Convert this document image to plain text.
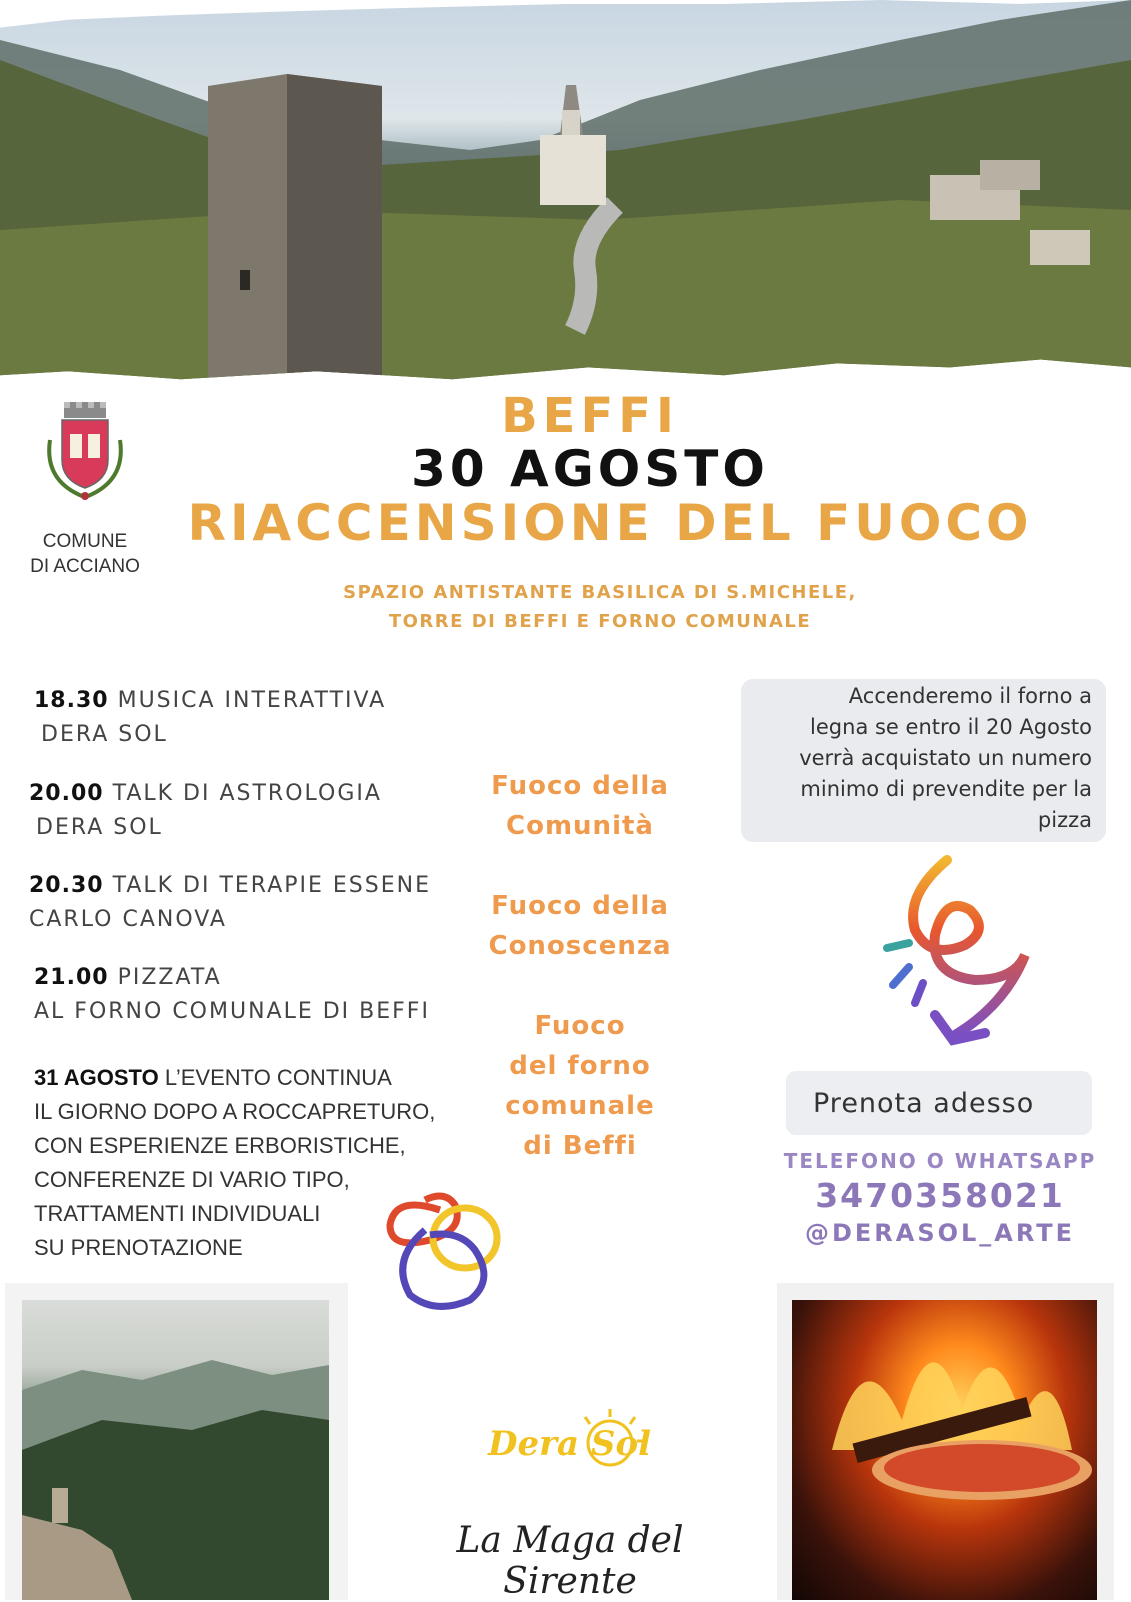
COMUNE
DI ACCIANO
BEFFI
30 AGOSTO
RIACCENSIONE DEL FUOCO
SPAZIO ANTISTANTE BASILICA DI S.MICHELE,
TORRE DI BEFFI E FORNO COMUNALE
18.30 MUSICA INTERATTIVA
DERA SOL
20.00 TALK DI ASTROLOGIA
DERA SOL
20.30 TALK DI TERAPIE ESSENE
CARLO CANOVA
21.00 PIZZATA
AL FORNO COMUNALE DI BEFFI
31 AGOSTO L’EVENTO CONTINUA
IL GIORNO DOPO A ROCCAPRETURO,
CON ESPERIENZE ERBORISTICHE,
CONFERENZE DI VARIO TIPO,
TRATTAMENTI INDIVIDUALI
SU PRENOTAZIONE
Fuoco della
Comunità
Fuoco della
Conoscenza
Fuoco
del forno
comunale
di Beffi
Accenderemo il forno a
legna se entro il 20 Agosto
verrà acquistato un numero
minimo di prevendite per la
pizza
Prenota adesso
TELEFONO O WHATSAPP
3470358021
@DERASOL_ARTE
Dera Sol
La Maga del Sirente
